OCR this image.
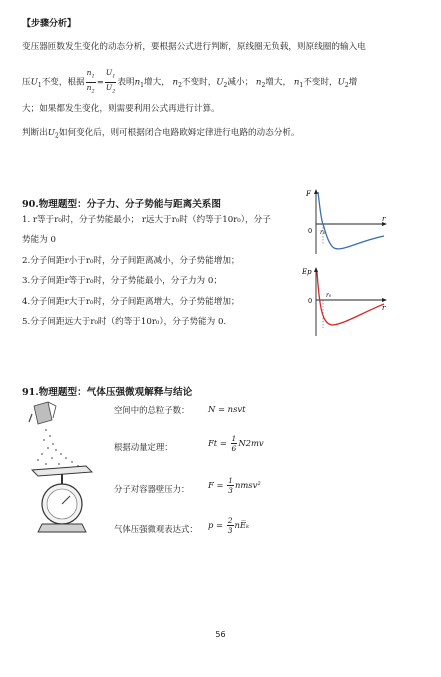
【步骤分析】
变压器匝数发生变化的动态分析，要根据公式进行判断，原线圈无负载，则原线圈的输入电
压$U_1$不变，根据 $\frac{n_1}{n_2} = \frac{U_1}{U_2}$ 表明$n_1$增大， $n_2$不变时，$U_2$减小； $n_2$增大， $n_1$不变时，$U_2$增
大；如果都发生变化，则需要利用公式再进行计算。
判断出$U_2$如何变化后，则可根据闭合电路欧姆定律进行电路的动态分析。
90.物理题型：分子力、分子势能与距离关系图
1. r等于r₀时，分子势能最小； r远大于r₀时（约等于10r₀），分子
势能为 0
2.分子间距r小于r₀时，分子间距离减小，分子势能增加；
3.分子间距r等于r₀时，分子势能最小，分子力为 0；
4.分子间距r大于r₀时，分子间距离增大，分子势能增加；
5.分子间距远大于r₀时（约等于10r₀），分子势能为 0.
F
0
r
r₀
Ep
0
r
r₀
91.物理题型：气体压强微观解释与结论
空间中的总粒子数： N = nsvt
根据动量定理：	$Ft = \frac{1}{6} N2mv$
分子对容器壁压力： $F = \frac{1}{3}$ nmsv²
气体压强微观表达式： $p = \frac{2}{3}$ nE̅ₖ
56
